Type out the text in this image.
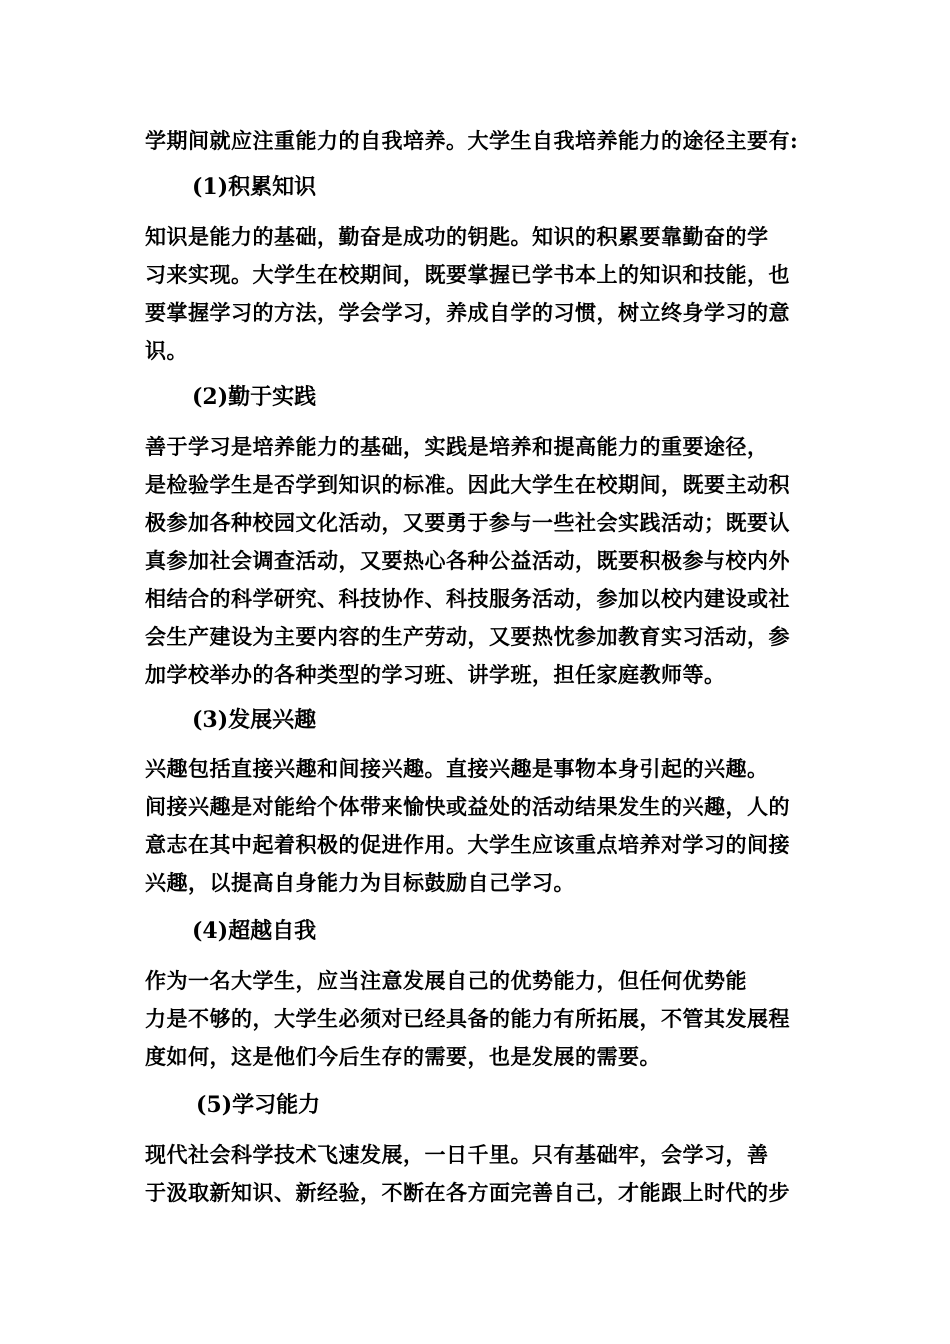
学期间就应注重能力的自我培养。大学生自我培养能力的途径主要有:
(1)积累知识
知识是能力的基础，勤奋是成功的钥匙。知识的积累要靠勤奋的学
习来实现。大学生在校期间，既要掌握已学书本上的知识和技能，也
要掌握学习的方法，学会学习，养成自学的习惯，树立终身学习的意
识。
(2)勤于实践
善于学习是培养能力的基础，实践是培养和提高能力的重要途径，
是检验学生是否学到知识的标准。因此大学生在校期间，既要主动积
极参加各种校园文化活动，又要勇于参与一些社会实践活动；既要认
真参加社会调查活动，又要热心各种公益活动，既要积极参与校内外
相结合的科学研究、科技协作、科技服务活动，参加以校内建设或社
会生产建设为主要内容的生产劳动，又要热忱参加教育实习活动，参
加学校举办的各种类型的学习班、讲学班，担任家庭教师等。
(3)发展兴趣
兴趣包括直接兴趣和间接兴趣。直接兴趣是事物本身引起的兴趣。
间接兴趣是对能给个体带来愉快或益处的活动结果发生的兴趣，人的
意志在其中起着积极的促进作用。大学生应该重点培养对学习的间接
兴趣，以提高自身能力为目标鼓励自己学习。
(4)超越自我
作为一名大学生，应当注意发展自己的优势能力，但任何优势能
力是不够的，大学生必须对已经具备的能力有所拓展，不管其发展程
度如何，这是他们今后生存的需要，也是发展的需要。
(5)学习能力
现代社会科学技术飞速发展，一日千里。只有基础牢，会学习，善
于汲取新知识、新经验，不断在各方面完善自己，才能跟上时代的步
